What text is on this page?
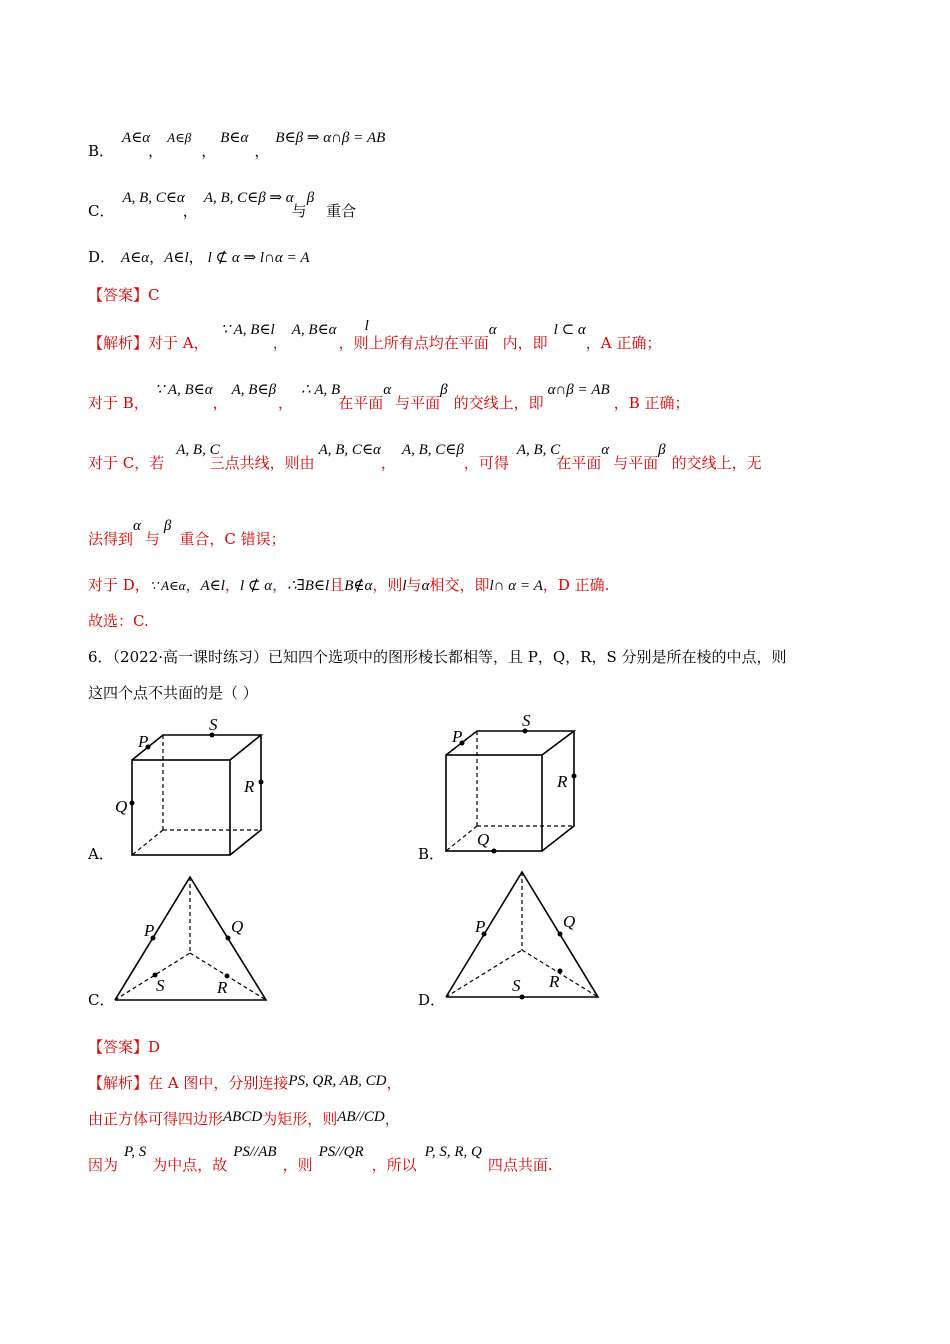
B．A∈α，A∈β，B∈α，B∈β ⇒ α∩β = AB
C．A, B, C∈α，A, B, C∈β ⇒ α与β重合
D． A∈α，A∈l， l ⊄ α ⇒ l∩α = A
【答案】C
【解析】对于 A，∵ A, B∈l，A, B∈α，则l上所有点均在平面α内，即l ⊂ α，A 正确；
对于 B，∵ A, B∈α，A, B∈β，∴ A, B在平面α与平面β的交线上，即α∩β = AB，B 正确；
对于 C，若A, B, C三点共线，则由A, B, C∈α，A, B, C∈β，可得A, B, C在平面α与平面β的交线上，无
法得到α与β重合，C 错误；
对于 D，∵ A∈α，A∈l，l ⊄ α，∴∃B∈l且B∉α，则l与α相交，即l∩ α = A，D 正确.
故选：C.
6．（2022·高一课时练习）已知四个选项中的图形棱长都相等，且 P，Q，R，S 分别是所在棱的中点，则
这四个点不共面的是（ ）
A．
P
S
Q
R
B．
P
S
Q
R
C．
P	Q
S	R
D．
P	Q
S R
【答案】D
【解析】在 A 图中，分别连接PS, QR, AB, CD，
由正方体可得四边形ABCD为矩形，则AB//CD，
因为P, S为中点，故PS//AB，则PS//QR，所以P, S, R, Q四点共面.
